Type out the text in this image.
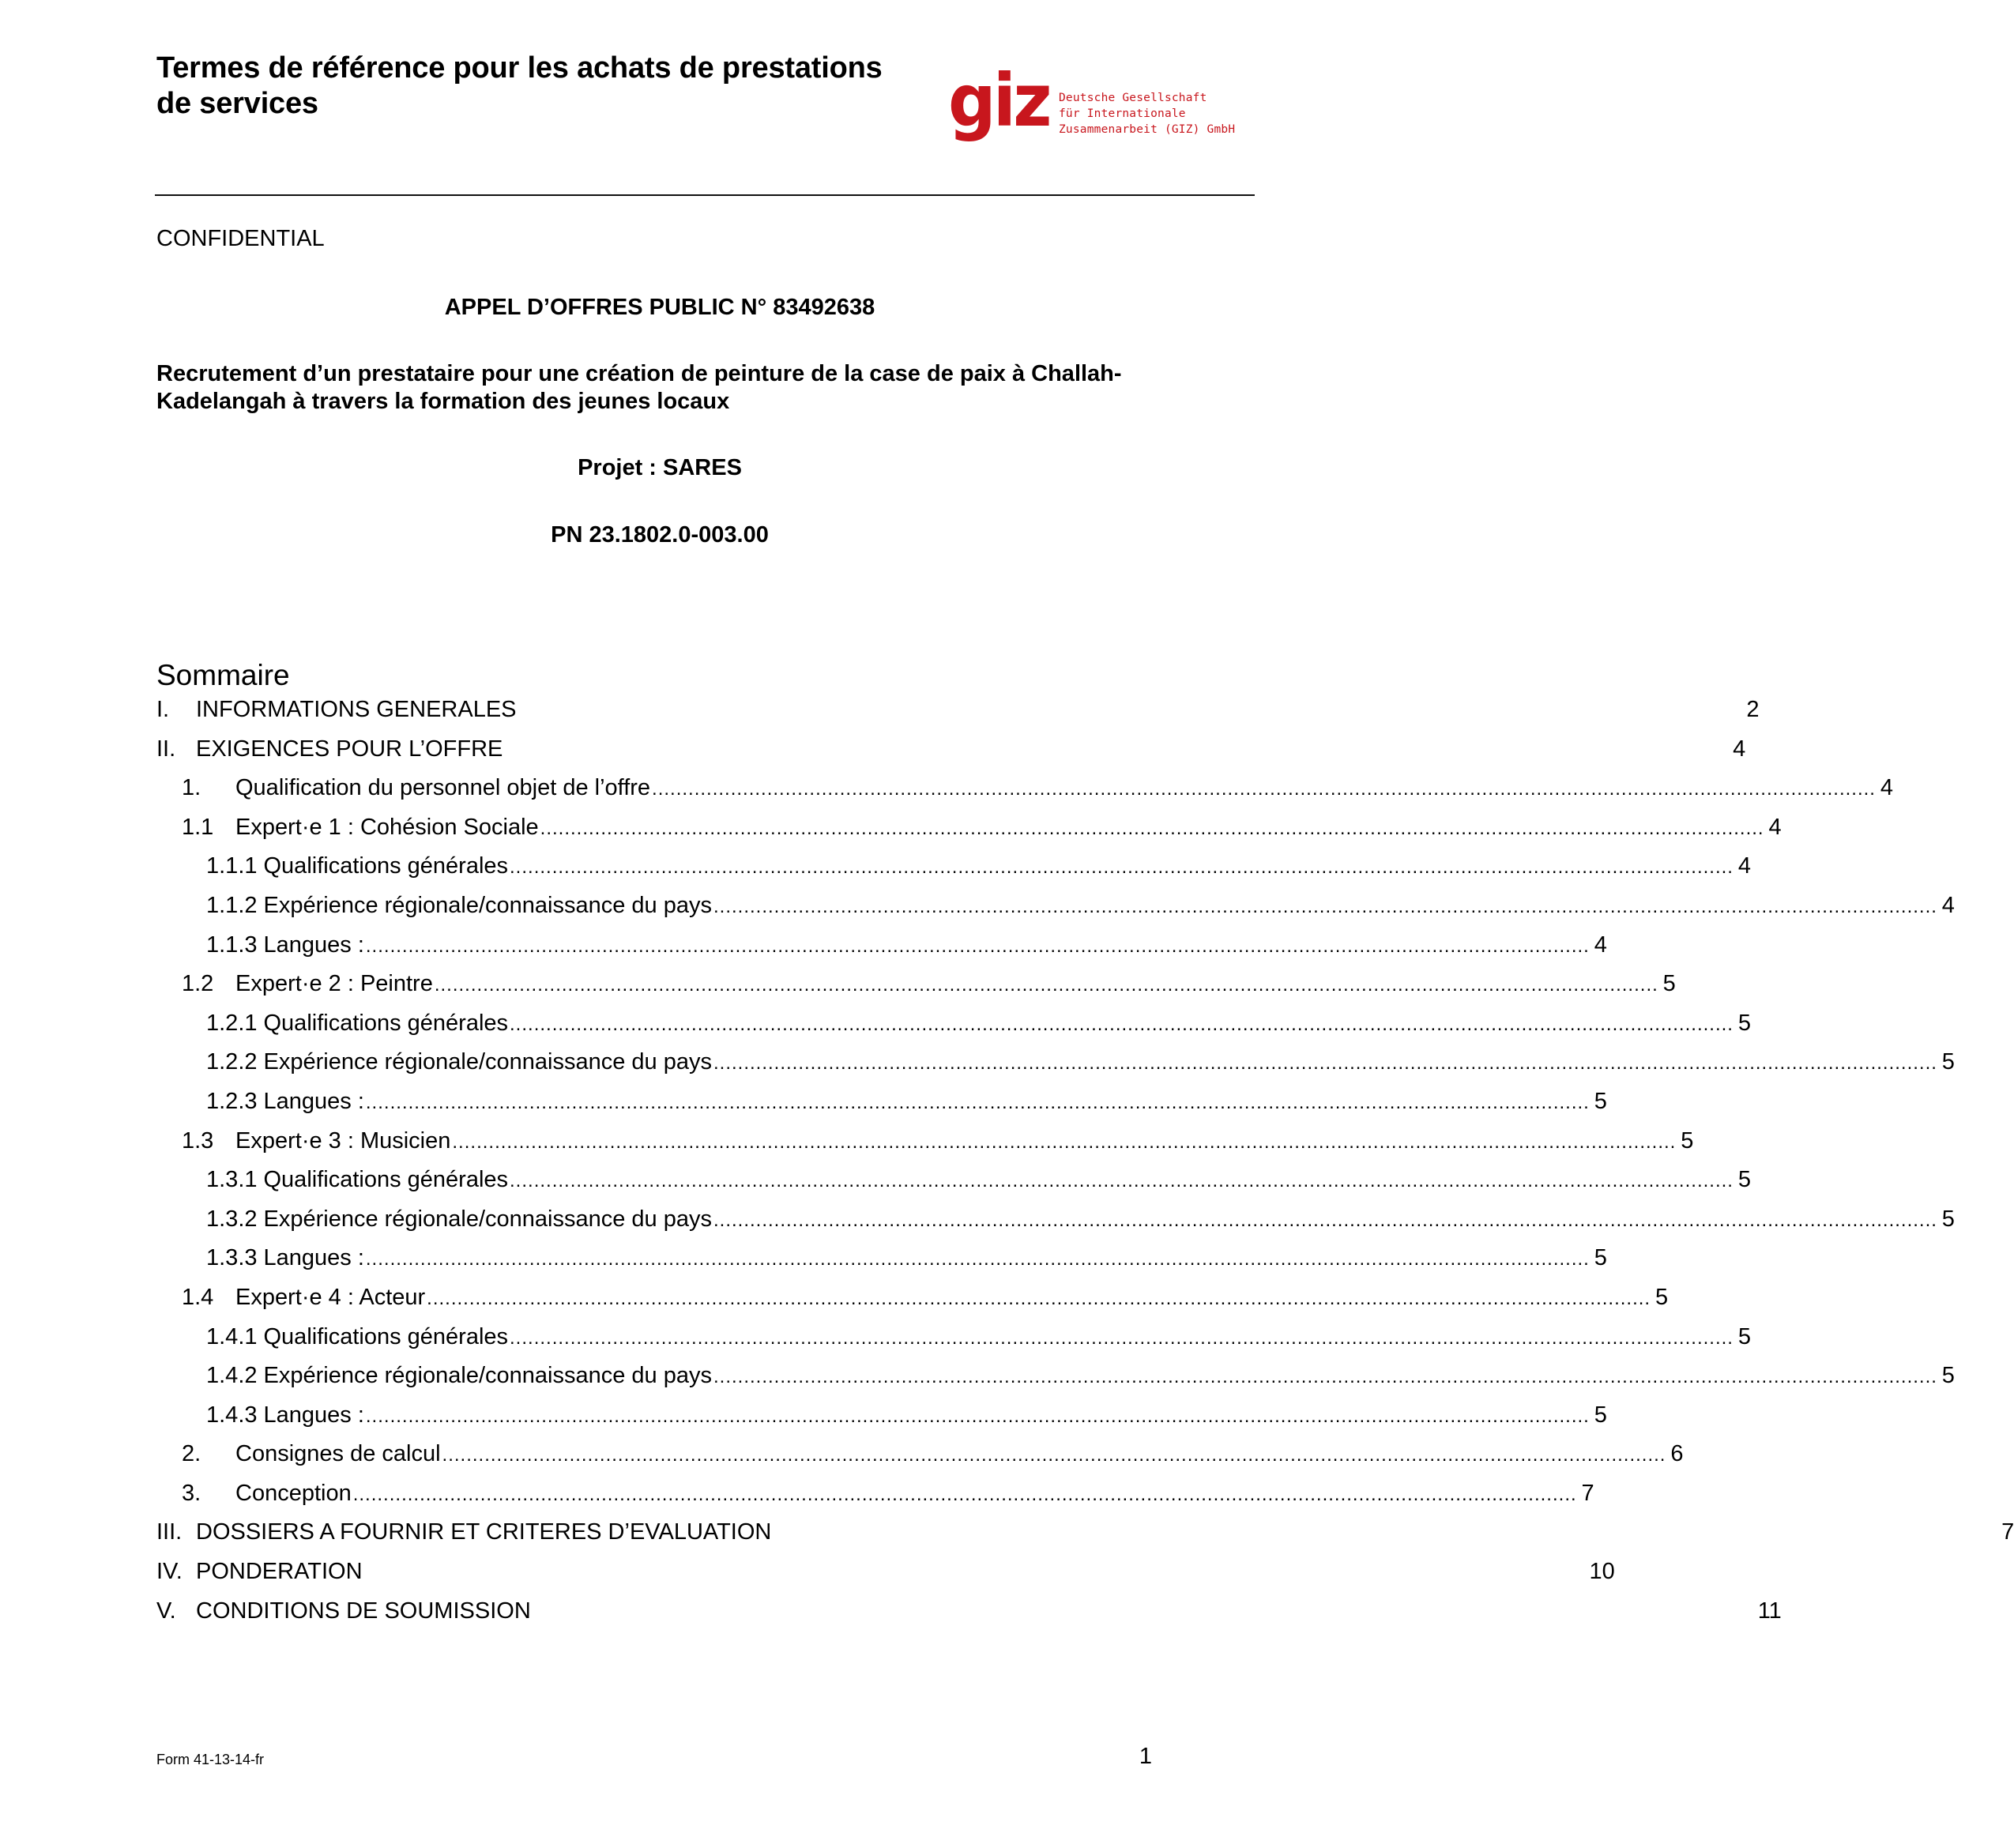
Termes de référence pour les achats de prestations
de services	giz Deutsche Gesellschaft
für Internationale
Zusammenarbeit (GIZ) GmbH
CONFIDENTIAL
APPEL D’OFFRES PUBLIC N° 83492638
Recrutement d’un prestataire pour une création de peinture de la case de paix à Challah-Kadelangah à travers la formation des jeunes locaux
Projet : SARES
PN 23.1802.0-003.00
Sommaire
I.	INFORMATIONS GENERALES	2
II. EXIGENCES POUR L’OFFRE	4
1.	Qualification du personnel objet de l’offre .......................................................................................................................................................................................................... 4
1.1 Expert·e 1 : Cohésion Sociale .......................................................................................................................................................................................................... 4
1.1.1 Qualifications générales .......................................................................................................................................................................................................... 4
1.1.2 Expérience régionale/connaissance du pays .......................................................................................................................................................................................................... 4
1.1.3 Langues : .......................................................................................................................................................................................................... 4
1.2 Expert·e 2 : Peintre .......................................................................................................................................................................................................... 5
1.2.1 Qualifications générales .......................................................................................................................................................................................................... 5
1.2.2 Expérience régionale/connaissance du pays .......................................................................................................................................................................................................... 5
1.2.3 Langues : .......................................................................................................................................................................................................... 5
1.3 Expert·e 3 : Musicien .......................................................................................................................................................................................................... 5
1.3.1 Qualifications générales .......................................................................................................................................................................................................... 5
1.3.2 Expérience régionale/connaissance du pays .......................................................................................................................................................................................................... 5
1.3.3 Langues : .......................................................................................................................................................................................................... 5
1.4 Expert·e 4 : Acteur .......................................................................................................................................................................................................... 5
1.4.1 Qualifications générales .......................................................................................................................................................................................................... 5
1.4.2 Expérience régionale/connaissance du pays .......................................................................................................................................................................................................... 5
1.4.3 Langues : .......................................................................................................................................................................................................... 5
2.	Consignes de calcul .......................................................................................................................................................................................................... 6
3.	Conception .......................................................................................................................................................................................................... 7
III. DOSSIERS A FOURNIR ET CRITERES D’EVALUATION	7
IV. PONDERATION	10
V. CONDITIONS DE SOUMISSION	11
Form 41-13-14-fr	1
